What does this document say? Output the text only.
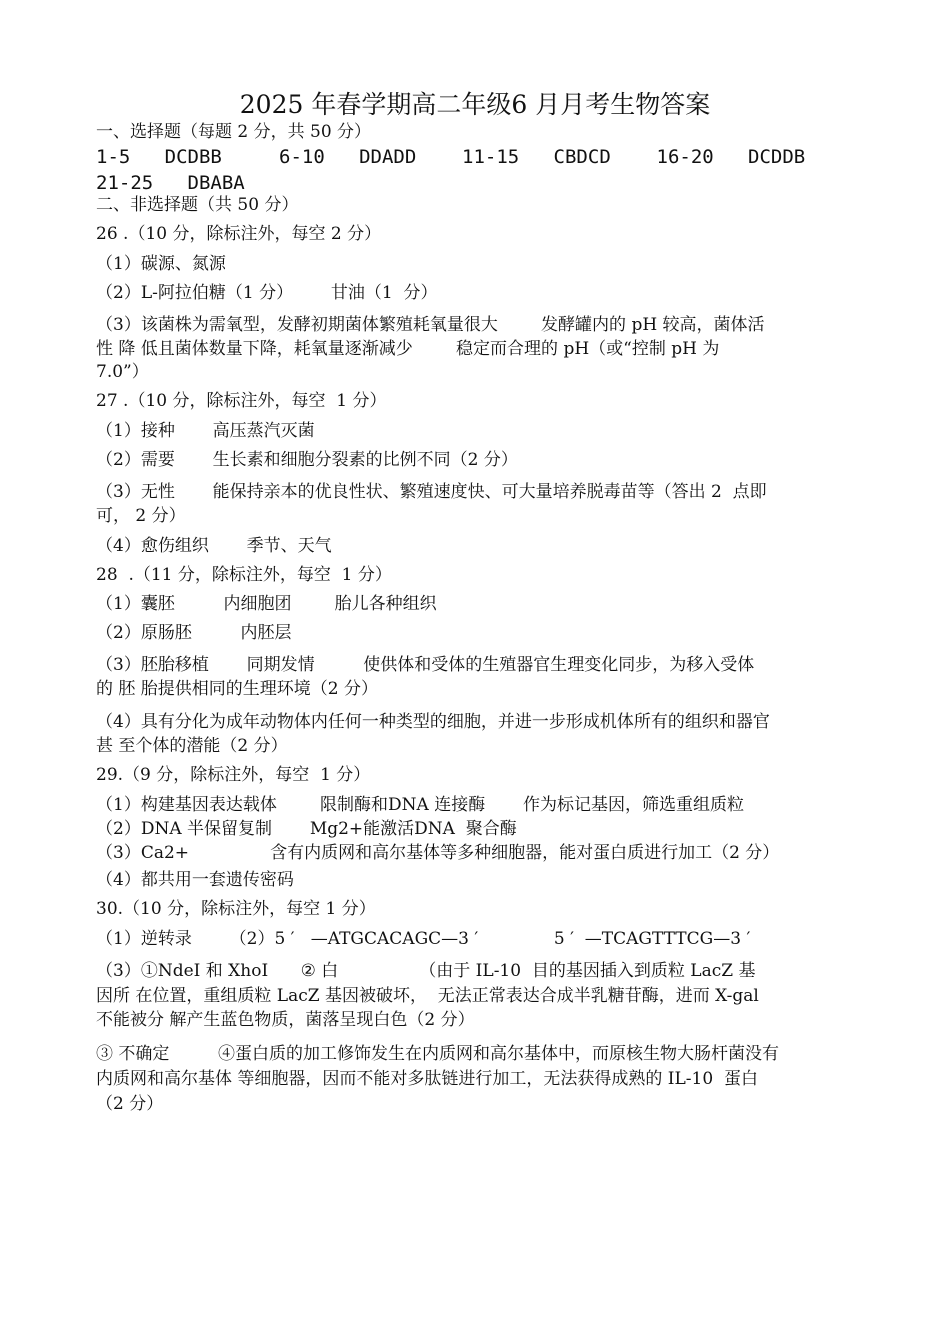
2025 年春学期高二年级6 月月考生物答案
一、选择题（每题 2 分，共 50 分）
1-5   DCDBB     6-10   DDADD    11-15   CBDCD    16-20   DCDDB
21-25   DBABA
二、非选择题（共 50 分）
26 .（10 分，除标注外，每空 2 分）
（1）碳源、氮源
（2）L-阿拉伯糖（1 分）       甘油（1  分）
（3）该菌株为需氧型，发酵初期菌体繁殖耗氧量很大        发酵罐内的 pH 较高，菌体活
性 降 低且菌体数量下降，耗氧量逐渐减少        稳定而合理的 pH（或“控制 pH 为
7.0”）
27 .（10 分，除标注外，每空  1 分）
（1）接种       高压蒸汽灭菌
（2）需要       生长素和细胞分裂素的比例不同（2 分）
（3）无性       能保持亲本的优良性状、繁殖速度快、可大量培养脱毒苗等（答出 2  点即
可， 2 分）
（4）愈伤组织       季节、天气
28  .（11 分，除标注外，每空  1 分）
（1）囊胚         内细胞团        胎儿各种组织
（2）原肠胚         内胚层
（3）胚胎移植       同期发情         使供体和受体的生殖器官生理变化同步，为移入受体
的 胚 胎提供相同的生理环境（2 分）
（4）具有分化为成年动物体内任何一种类型的细胞，并进一步形成机体所有的组织和器官
甚 至个体的潜能（2 分）
29.（9 分，除标注外，每空  1 分）
（1）构建基因表达载体        限制酶和DNA 连接酶       作为标记基因，筛选重组质粒
（2）DNA 半保留复制       Mg2+能激活DNA  聚合酶
（3）Ca2+               含有内质网和高尔基体等多种细胞器，能对蛋白质进行加工（2 分）
（4）都共用一套遗传密码
30.（10 分，除标注外，每空 1 分）
（1）逆转录       （2）5 ′   —ATGCACAGC—3 ′              5 ′  —TCAGTTTCG—3 ′
（3）①NdeⅠ 和 XhoⅠ      ② 白               （由于 IL-10  目的基因插入到质粒 LacZ 基
因所 在位置，重组质粒 LacZ 基因被破坏，  无法正常表达合成半乳糖苷酶，进而 X-gal
不能被分 解产生蓝色物质，菌落呈现白色（2 分）
③ 不确定         ④蛋白质的加工修饰发生在内质网和高尔基体中，而原核生物大肠杆菌没有
内质网和高尔基体 等细胞器，因而不能对多肽链进行加工，无法获得成熟的 IL-10  蛋白
（2 分）
